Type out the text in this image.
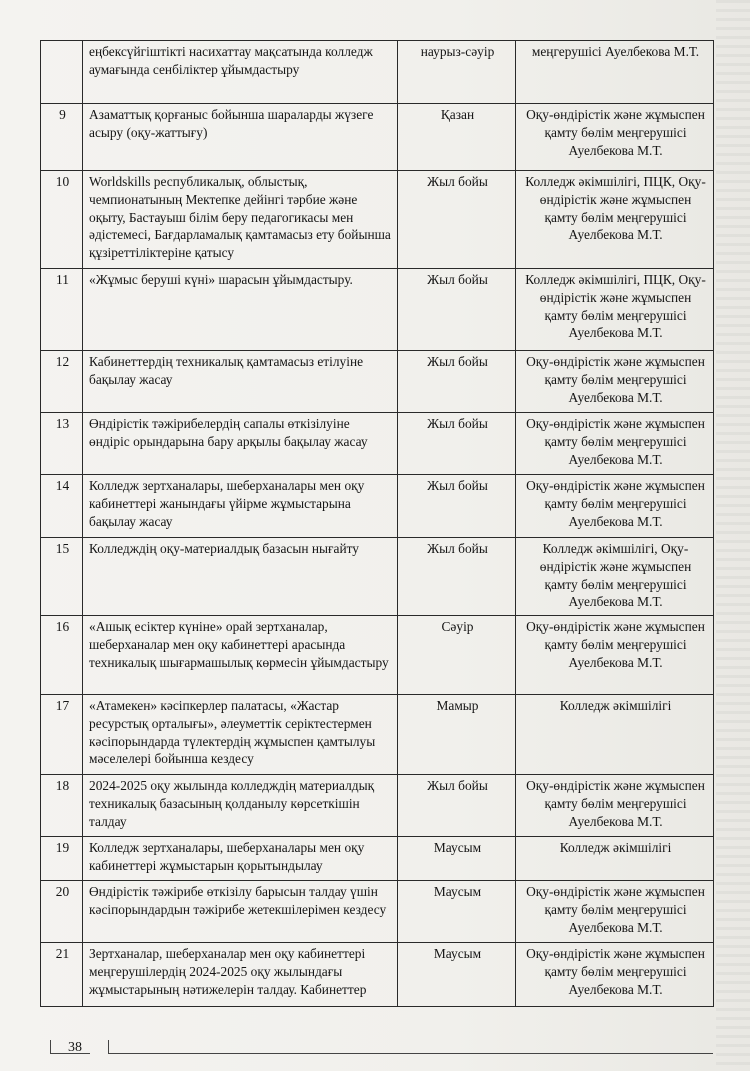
	еңбексүйгіштікті насихаттау мақсатында колледж аумағында сенбіліктер ұйымдастыру	наурыз-сәуір	меңгерушісі Ауелбекова М.Т.
9	Азаматтық қорғаныс бойынша шараларды жүзеге асыру (оқу-жаттығу)	Қазан	Оқу-өндірістік және жұмыспен қамту бөлім меңгерушісі Ауелбекова М.Т.
10	Worldskills республикалық, облыстық, чемпионатының Мектепке дейінгі тәрбие және оқыту, Бастауыш білім беру педагогикасы мен әдістемесі, Бағдарламалық қамтамасыз ету бойынша құзіреттіліктеріне қатысу	Жыл бойы	Колледж әкімшілігі, ПЦК, Оқу-өндірістік және жұмыспен қамту бөлім меңгерушісі Ауелбекова М.Т.
11	«Жұмыс беруші күні» шарасын ұйымдастыру.	Жыл бойы	Колледж әкімшілігі, ПЦК, Оқу-өндірістік және жұмыспен қамту бөлім меңгерушісі Ауелбекова М.Т.
12	Кабинеттердің техникалық қамтамасыз етілуіне бақылау жасау	Жыл бойы	Оқу-өндірістік және жұмыспен қамту бөлім меңгерушісі Ауелбекова М.Т.
13	Өндірістік тәжірибелердің сапалы өткізілуіне өндіріс орындарына бару арқылы бақылау жасау	Жыл бойы	Оқу-өндірістік және жұмыспен қамту бөлім меңгерушісі Ауелбекова М.Т.
14	Колледж зертханалары, шеберханалары мен оқу кабинеттері жанындағы үйірме жұмыстарына бақылау жасау	Жыл бойы	Оқу-өндірістік және жұмыспен қамту бөлім меңгерушісі Ауелбекова М.Т.
15	Колледждің оқу-материалдық базасын нығайту	Жыл бойы	Колледж әкімшілігі, Оқу-өндірістік және жұмыспен қамту бөлім меңгерушісі Ауелбекова М.Т.
16	«Ашық есіктер күніне» орай зертханалар, шеберханалар мен оқу кабинеттері арасында техникалық шығармашылық көрмесін ұйымдастыру	Сәуір	Оқу-өндірістік және жұмыспен қамту бөлім меңгерушісі Ауелбекова М.Т.
17	«Атамекен» кәсіпкерлер палатасы, «Жастар ресурстық орталығы», әлеуметтік серіктестермен кәсіпорындарда түлектердің жұмыспен қамтылуы мәселелері бойынша кездесу	Мамыр	Колледж әкімшілігі
18	2024-2025 оқу жылында колледждің материалдық техникалық базасының қолданылу көрсеткішін талдау	Жыл бойы	Оқу-өндірістік және жұмыспен қамту бөлім меңгерушісі Ауелбекова М.Т.
19	Колледж зертханалары, шеберханалары мен оқу кабинеттері жұмыстарын қорытындылау	Маусым	Колледж әкімшілігі
20	Өндірістік тәжірибе өткізілу барысын талдау үшін кәсіпорындардын тәжірибе жетекшілерімен кездесу	Маусым	Оқу-өндірістік және жұмыспен қамту бөлім меңгерушісі Ауелбекова М.Т.
21	Зертханалар, шеберханалар мен оқу кабинеттері меңгерушілердің 2024-2025 оқу жылындағы жұмыстарының нәтижелерін талдау. Кабинеттер	Маусым	Оқу-өндірістік және жұмыспен қамту бөлім меңгерушісі Ауелбекова М.Т.
38
